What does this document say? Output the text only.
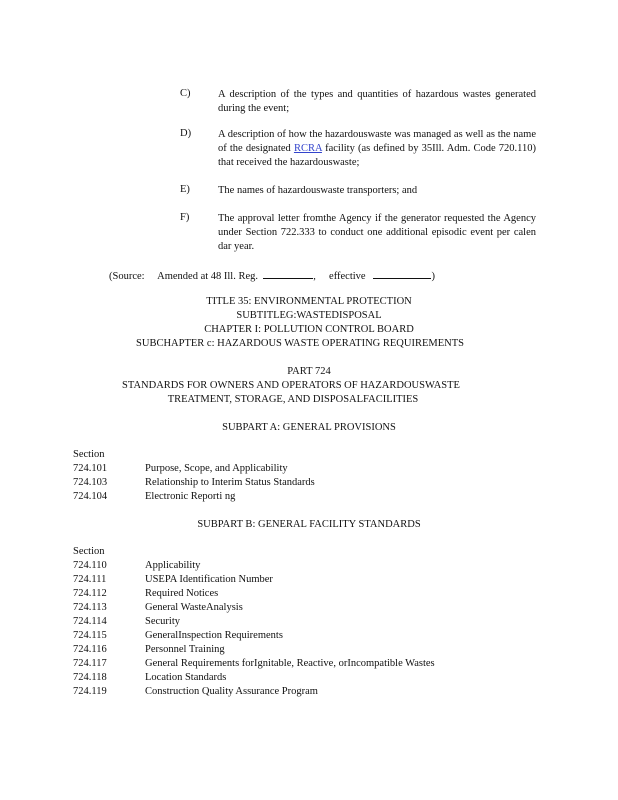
C)	A description of the types and quantities of hazardous wastes generated during the event;
D)	A description of how the hazardouswaste was managed as well as the name of the designated RCRA facility (as defined by 35Ill. Adm. Code 720.110) that received the hazardouswaste;
E)	The names of hazardouswaste transporters; and
F)	The approval letter fromthe Agency if the generator requested the Agency under Section 722.333 to conduct one additional episodic event per calen dar year.
(Source: Amended at 48 Ill. Reg.	, effective	)
TITLE 35: ENVIRONMENTAL PROTECTION
SUBTITLEG:WASTEDISPOSAL
CHAPTER I: POLLUTION CONTROL BOARD
SUBCHAPTER c: HAZARDOUS WASTE OPERATING REQUIREMENTS
PART 724
STANDARDS FOR OWNERS AND OPERATORS OF HAZARDOUSWASTE
TREATMENT, STORAGE, AND DISPOSALFACILITIES
SUBPART A: GENERAL PROVISIONS
Section
724.101	Purpose, Scope, and Applicability
724.103	Relationship to Interim Status Standards
724.104	Electronic Reporti ng
SUBPART B: GENERAL FACILITY STANDARDS
Section
724.110	Applicability
724.111	USEPA Identification Number
724.112	Required Notices
724.113	General WasteAnalysis
724.114	Security
724.115	GeneralInspection Requirements
724.116	Personnel Training
724.117	General Requirements forIgnitable, Reactive, orIncompatible Wastes
724.118	Location Standards
724.119	Construction Quality Assurance Program
